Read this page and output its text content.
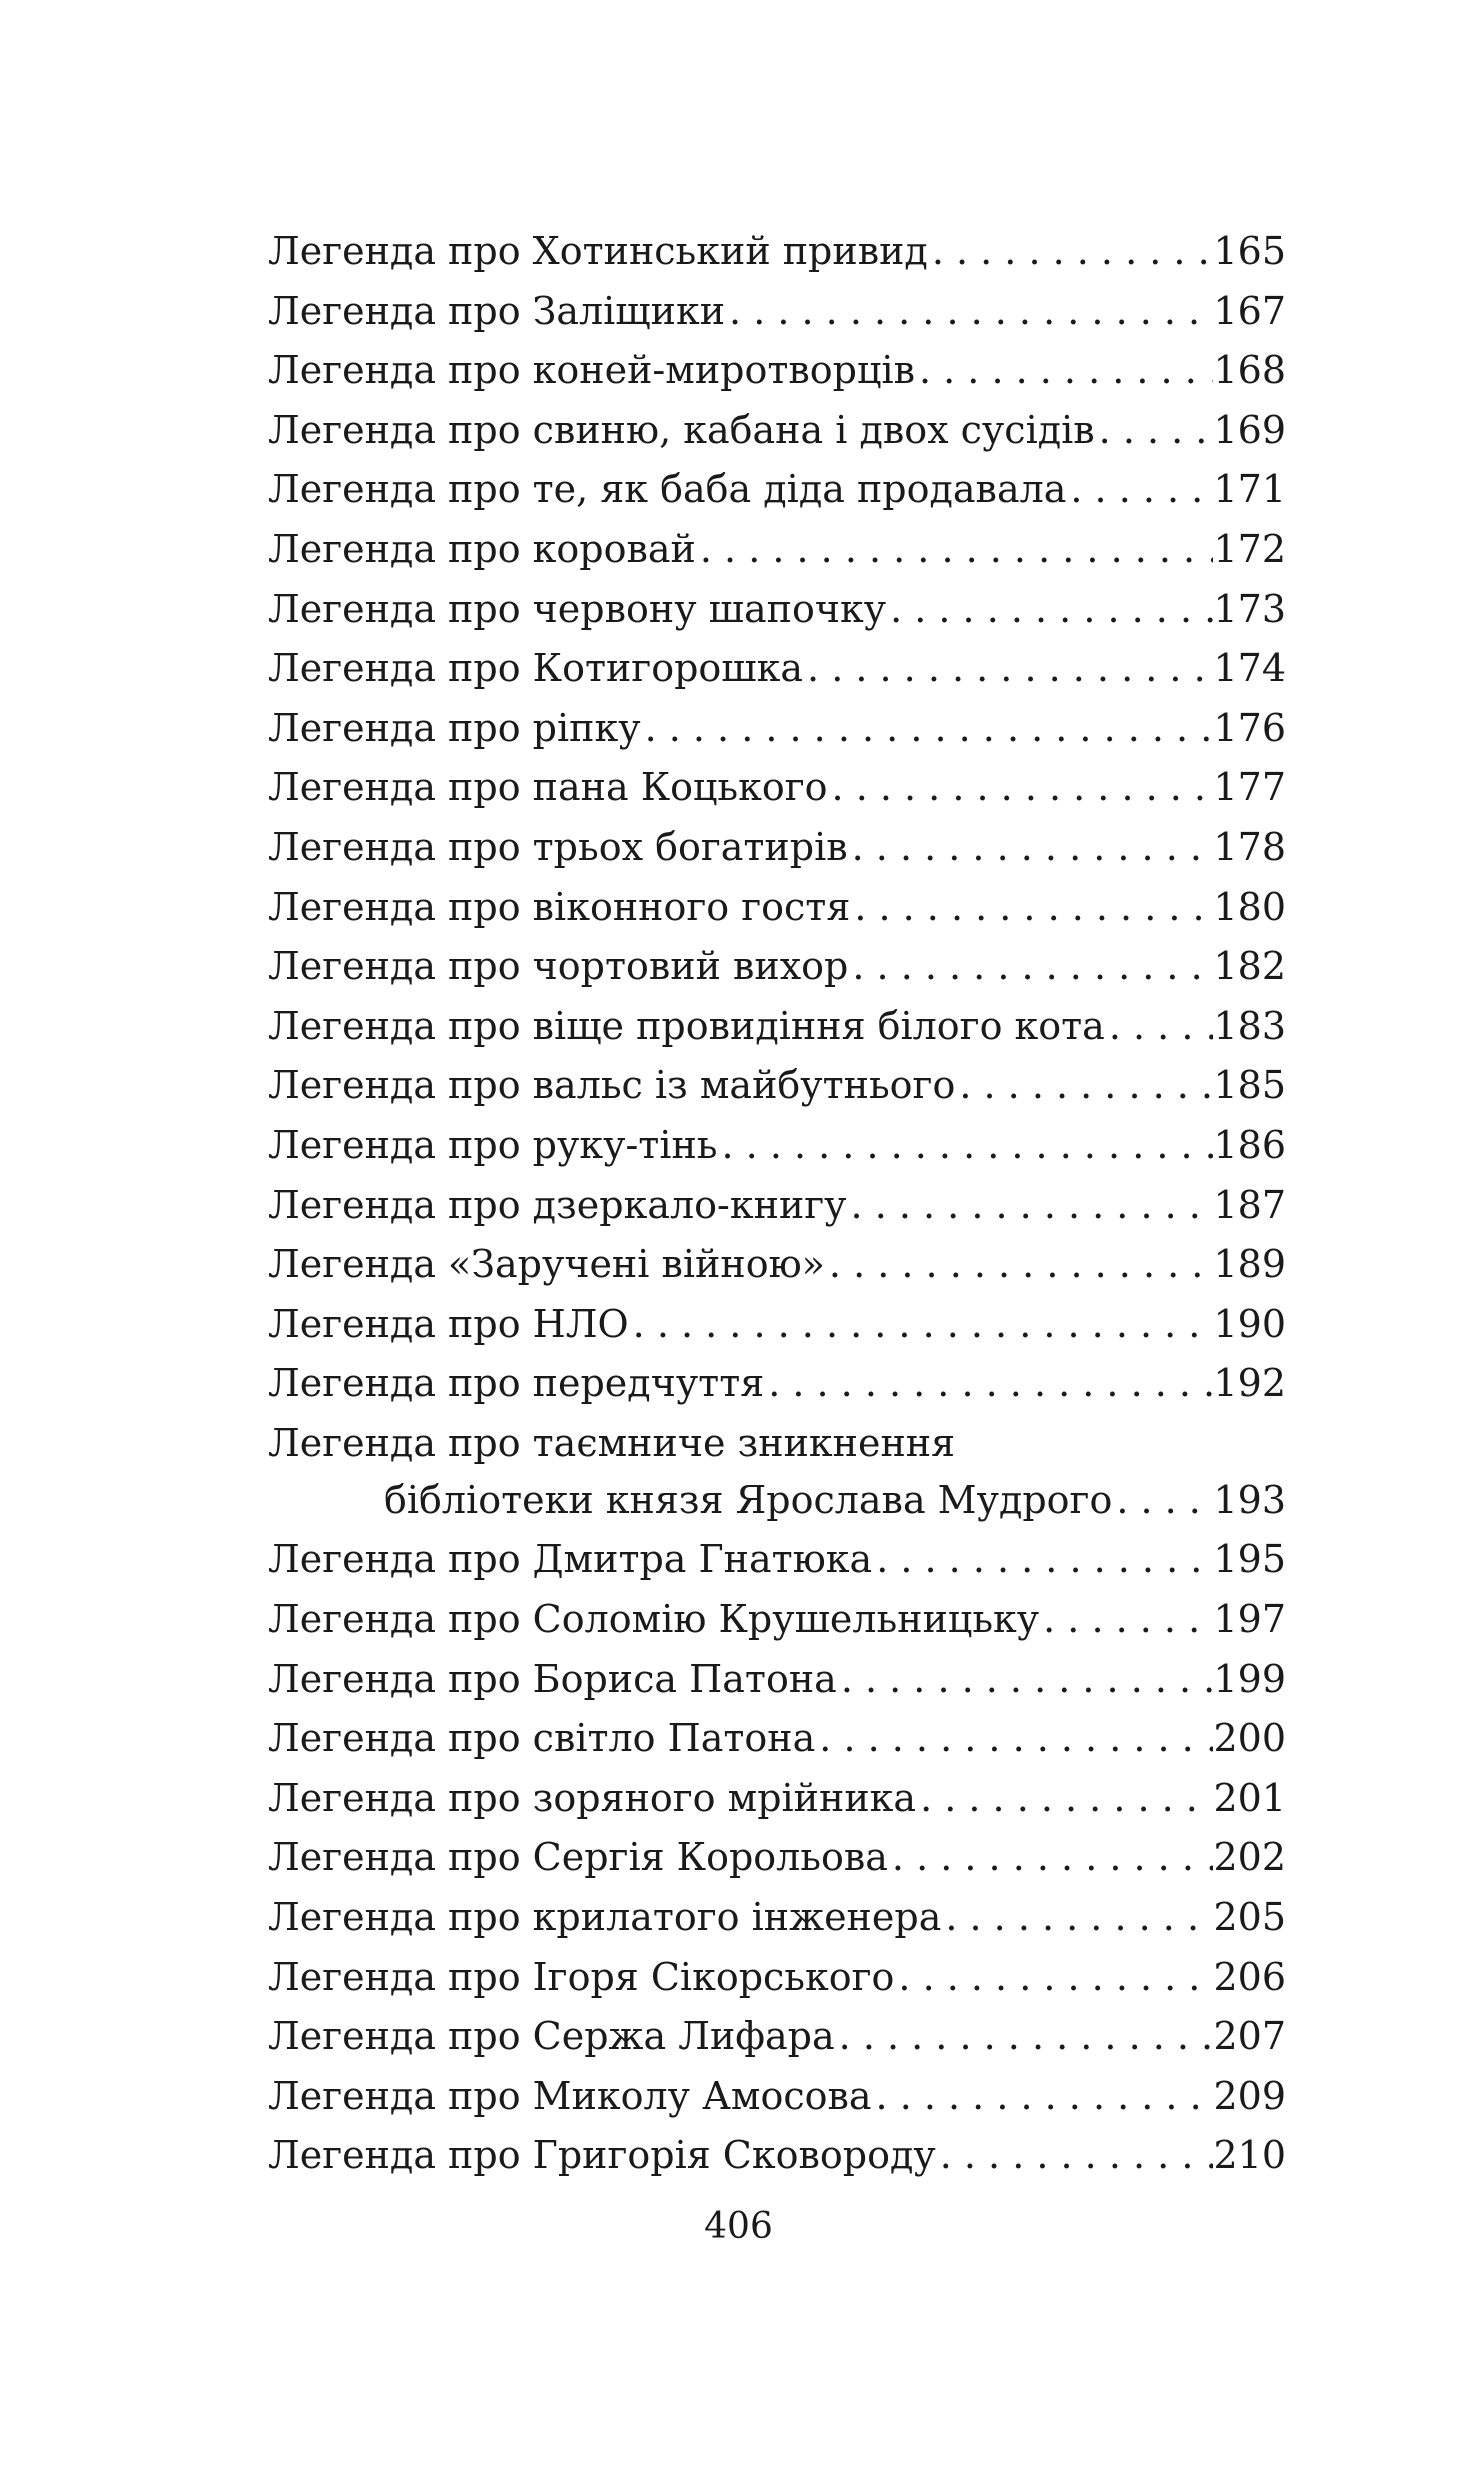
Легенда про Хотинський привид . . .	165
Легенда про Заліщики . . .	167
Легенда про коней-миротворців . . .	168
Легенда про свиню, кабана і двох сусідів . . .	169
Легенда про те, як баба діда продавала . . .	171
Легенда про коровай . . .	172
Легенда про червону шапочку . . .	173
Легенда про Котигорошка . . .	174
Легенда про ріпку . . .	176
Легенда про пана Коцького . . .	177
Легенда про трьох богатирів . . .	178
Легенда про віконного гостя . . .	180
Легенда про чортовий вихор . . .	182
Легенда про віще провидіння білого кота . . .	183
Легенда про вальс із майбутнього . . .	185
Легенда про руку-тінь . . .	186
Легенда про дзеркало-книгу . . .	187
Легенда «Заручені війною» . . .	189
Легенда про НЛО . . .	190
Легенда про передчуття . . .	192
Легенда про таємниче зникнення
бібліотеки князя Ярослава Мудрого . . .	193
Легенда про Дмитра Гнатюка . . .	195
Легенда про Соломію Крушельницьку . . .	197
Легенда про Бориса Патона . . .	199
Легенда про світло Патона . . .	200
Легенда про зоряного мрійника . . .	201
Легенда про Сергія Корольова . . .	202
Легенда про крилатого інженера . . .	205
Легенда про Ігоря Сікорського . . .	206
Легенда про Сержа Лифара . . .	207
Легенда про Миколу Амосова . . .	209
Легенда про Григорія Сковороду . . .	210
406
